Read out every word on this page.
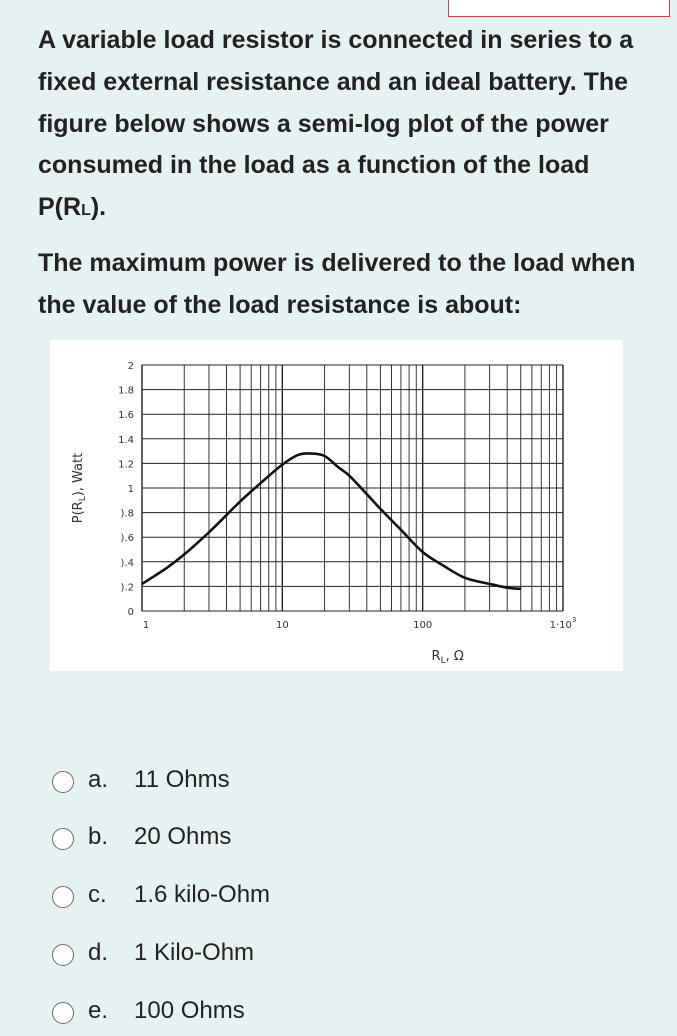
A variable load resistor is connected in series to a fixed external resistance and an ideal battery. The figure below shows a semi-log plot of the power consumed in the load as a function of the load P(RL).

The maximum power is delivered to the load when the value of the load resistance is about:

0
).2
).4
).6
).8
1
1.2
1.4
1.6
1.8
2
1	10	100	$1\cdot 10^3$
$P(R_L)$, Watt
$R_L$, Ω
a. 11 Ohms
b. 20 Ohms
c. 1.6 kilo-Ohm
d. 1 Kilo-Ohm
e. 100 Ohms
